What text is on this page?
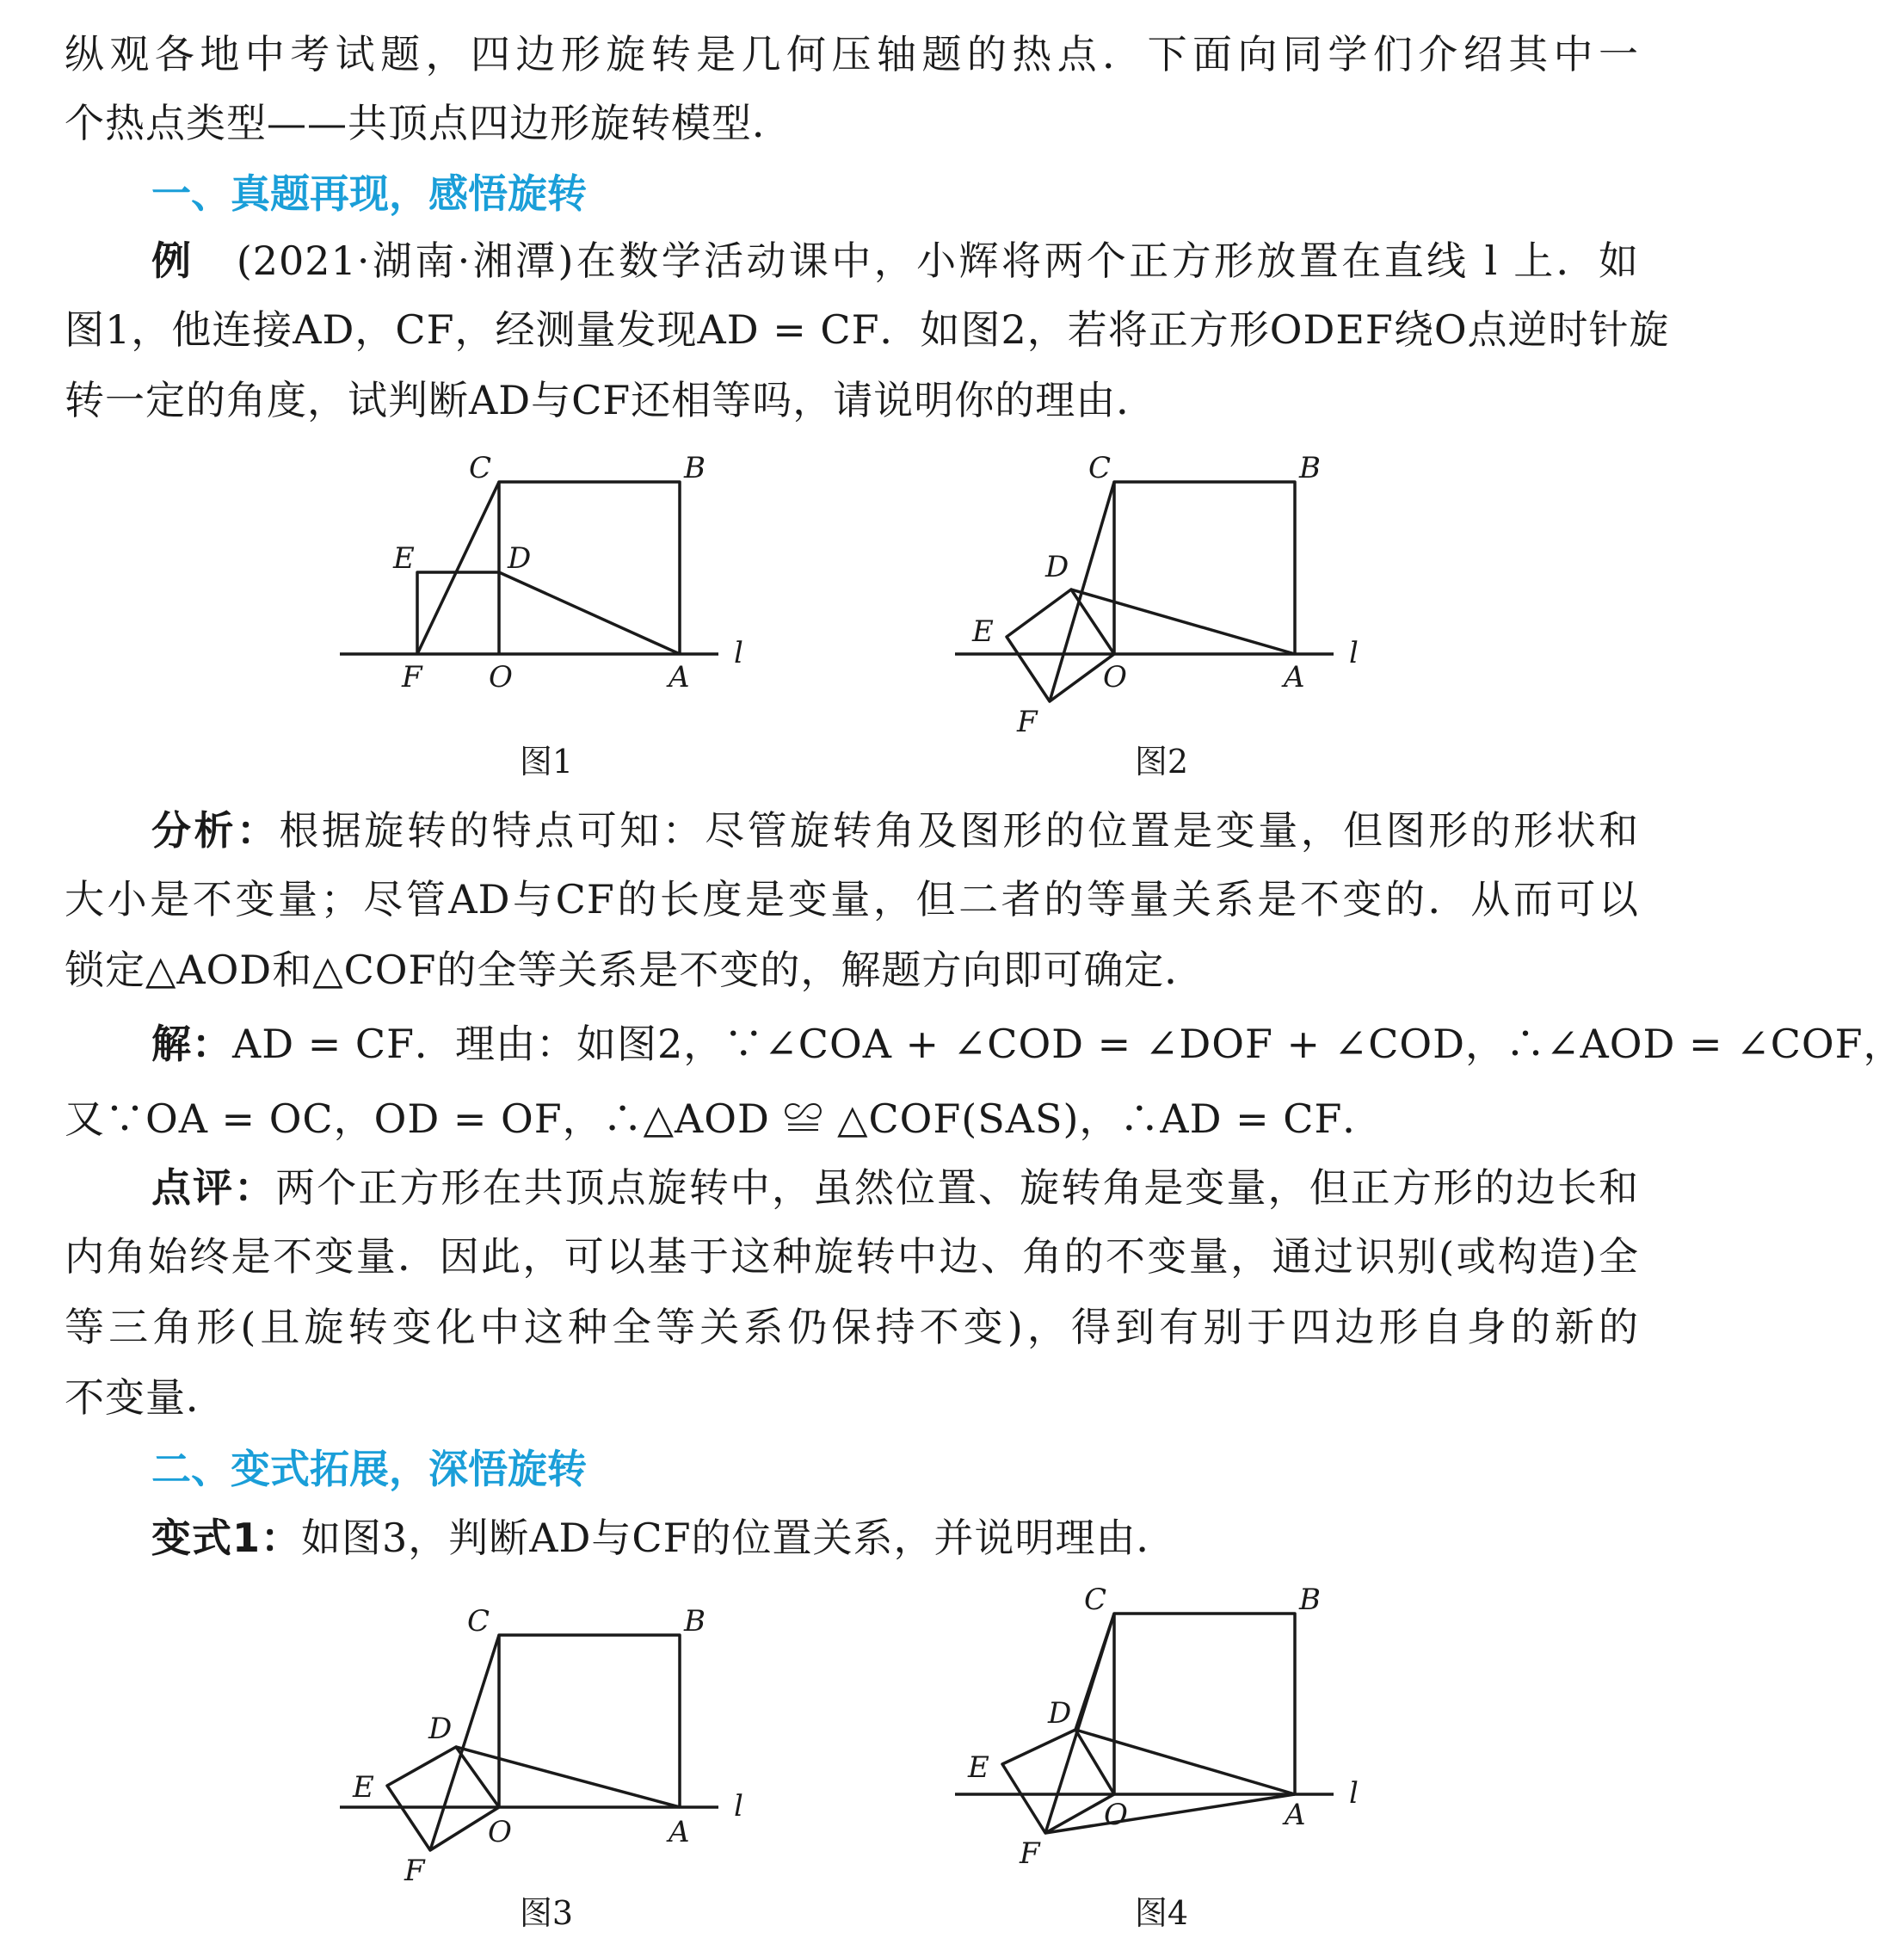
纵观各地中考试题，四边形旋转是几何压轴题的热点．下面向同学们介绍其中一
个热点类型——共顶点四边形旋转模型．
一、真题再现，感悟旋转
例　(2021·湖南·湘潭)在数学活动课中，小辉将两个正方形放置在直线 l 上．如
图1，他连接AD，CF，经测量发现AD = CF．如图2，若将正方形ODEF绕O点逆时针旋
转一定的角度，试判断AD与CF还相等吗，请说明你的理由．
C	B
E	D
F O	A
l
图1
C	B
D
E
O	A
F
l
图2
分析：根据旋转的特点可知：尽管旋转角及图形的位置是变量，但图形的形状和
大小是不变量；尽管AD与CF的长度是变量，但二者的等量关系是不变的．从而可以
锁定△AOD和△COF的全等关系是不变的，解题方向即可确定．
解：AD = CF．理由：如图2，∵∠COA + ∠COD = ∠DOF + ∠COD，∴∠AOD = ∠COF，
又∵OA = OC，OD = OF，∴△AOD ≌ △COF(SAS)，∴AD = CF．
点评：两个正方形在共顶点旋转中，虽然位置、旋转角是变量，但正方形的边长和
内角始终是不变量．因此，可以基于这种旋转中边、角的不变量，通过识别(或构造)全
等三角形(且旋转变化中这种全等关系仍保持不变)，得到有别于四边形自身的新的
不变量．
二、变式拓展，深悟旋转
变式1：如图3，判断AD与CF的位置关系，并说明理由．
C	B
D
E
O	A
F
l
图3
C	B
D
E
O	A
F
l
图4
